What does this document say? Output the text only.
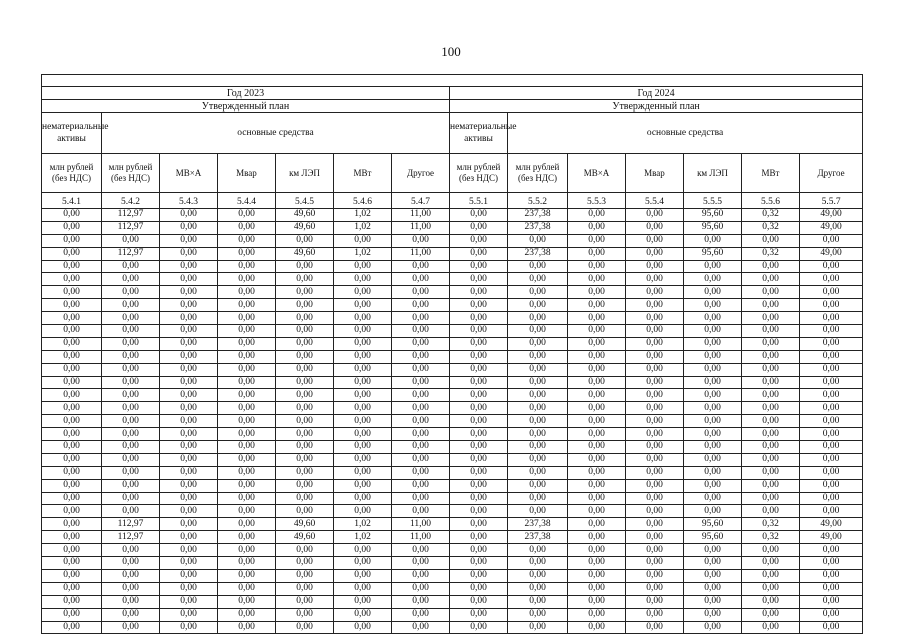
100

Год 2023							Год 2024						
Утвержденный план							Утвержденный план						
нематериальные активы	основные средства						нематериальные активы	основные средства					
млн рублей (без НДС)	млн рублей (без НДС)	МВ×А	Мвар	км ЛЭП	МВт	Другое	млн рублей (без НДС)	млн рублей (без НДС)	МВ×А	Мвар	км ЛЭП	МВт	Другое
5.4.1	5.4.2	5.4.3	5.4.4	5.4.5	5.4.6	5.4.7	5.5.1	5.5.2	5.5.3	5.5.4	5.5.5	5.5.6	5.5.7
0,00	112,97	0,00	0,00	49,60	1,02	11,00	0,00	237,38	0,00	0,00	95,60	0,32	49,00
0,00	112,97	0,00	0,00	49,60	1,02	11,00	0,00	237,38	0,00	0,00	95,60	0,32	49,00
0,00	0,00	0,00	0,00	0,00	0,00	0,00	0,00	0,00	0,00	0,00	0,00	0,00	0,00
0,00	112,97	0,00	0,00	49,60	1,02	11,00	0,00	237,38	0,00	0,00	95,60	0,32	49,00
0,00	0,00	0,00	0,00	0,00	0,00	0,00	0,00	0,00	0,00	0,00	0,00	0,00	0,00
0,00	0,00	0,00	0,00	0,00	0,00	0,00	0,00	0,00	0,00	0,00	0,00	0,00	0,00
0,00	0,00	0,00	0,00	0,00	0,00	0,00	0,00	0,00	0,00	0,00	0,00	0,00	0,00
0,00	0,00	0,00	0,00	0,00	0,00	0,00	0,00	0,00	0,00	0,00	0,00	0,00	0,00
0,00	0,00	0,00	0,00	0,00	0,00	0,00	0,00	0,00	0,00	0,00	0,00	0,00	0,00
0,00	0,00	0,00	0,00	0,00	0,00	0,00	0,00	0,00	0,00	0,00	0,00	0,00	0,00
0,00	0,00	0,00	0,00	0,00	0,00	0,00	0,00	0,00	0,00	0,00	0,00	0,00	0,00
0,00	0,00	0,00	0,00	0,00	0,00	0,00	0,00	0,00	0,00	0,00	0,00	0,00	0,00
0,00	0,00	0,00	0,00	0,00	0,00	0,00	0,00	0,00	0,00	0,00	0,00	0,00	0,00
0,00	0,00	0,00	0,00	0,00	0,00	0,00	0,00	0,00	0,00	0,00	0,00	0,00	0,00
0,00	0,00	0,00	0,00	0,00	0,00	0,00	0,00	0,00	0,00	0,00	0,00	0,00	0,00
0,00	0,00	0,00	0,00	0,00	0,00	0,00	0,00	0,00	0,00	0,00	0,00	0,00	0,00
0,00	0,00	0,00	0,00	0,00	0,00	0,00	0,00	0,00	0,00	0,00	0,00	0,00	0,00
0,00	0,00	0,00	0,00	0,00	0,00	0,00	0,00	0,00	0,00	0,00	0,00	0,00	0,00
0,00	0,00	0,00	0,00	0,00	0,00	0,00	0,00	0,00	0,00	0,00	0,00	0,00	0,00
0,00	0,00	0,00	0,00	0,00	0,00	0,00	0,00	0,00	0,00	0,00	0,00	0,00	0,00
0,00	0,00	0,00	0,00	0,00	0,00	0,00	0,00	0,00	0,00	0,00	0,00	0,00	0,00
0,00	0,00	0,00	0,00	0,00	0,00	0,00	0,00	0,00	0,00	0,00	0,00	0,00	0,00
0,00	0,00	0,00	0,00	0,00	0,00	0,00	0,00	0,00	0,00	0,00	0,00	0,00	0,00
0,00	0,00	0,00	0,00	0,00	0,00	0,00	0,00	0,00	0,00	0,00	0,00	0,00	0,00
0,00	112,97	0,00	0,00	49,60	1,02	11,00	0,00	237,38	0,00	0,00	95,60	0,32	49,00
0,00	112,97	0,00	0,00	49,60	1,02	11,00	0,00	237,38	0,00	0,00	95,60	0,32	49,00
0,00	0,00	0,00	0,00	0,00	0,00	0,00	0,00	0,00	0,00	0,00	0,00	0,00	0,00
0,00	0,00	0,00	0,00	0,00	0,00	0,00	0,00	0,00	0,00	0,00	0,00	0,00	0,00
0,00	0,00	0,00	0,00	0,00	0,00	0,00	0,00	0,00	0,00	0,00	0,00	0,00	0,00
0,00	0,00	0,00	0,00	0,00	0,00	0,00	0,00	0,00	0,00	0,00	0,00	0,00	0,00
0,00	0,00	0,00	0,00	0,00	0,00	0,00	0,00	0,00	0,00	0,00	0,00	0,00	0,00
0,00	0,00	0,00	0,00	0,00	0,00	0,00	0,00	0,00	0,00	0,00	0,00	0,00	0,00
0,00	0,00	0,00	0,00	0,00	0,00	0,00	0,00	0,00	0,00	0,00	0,00	0,00	0,00
